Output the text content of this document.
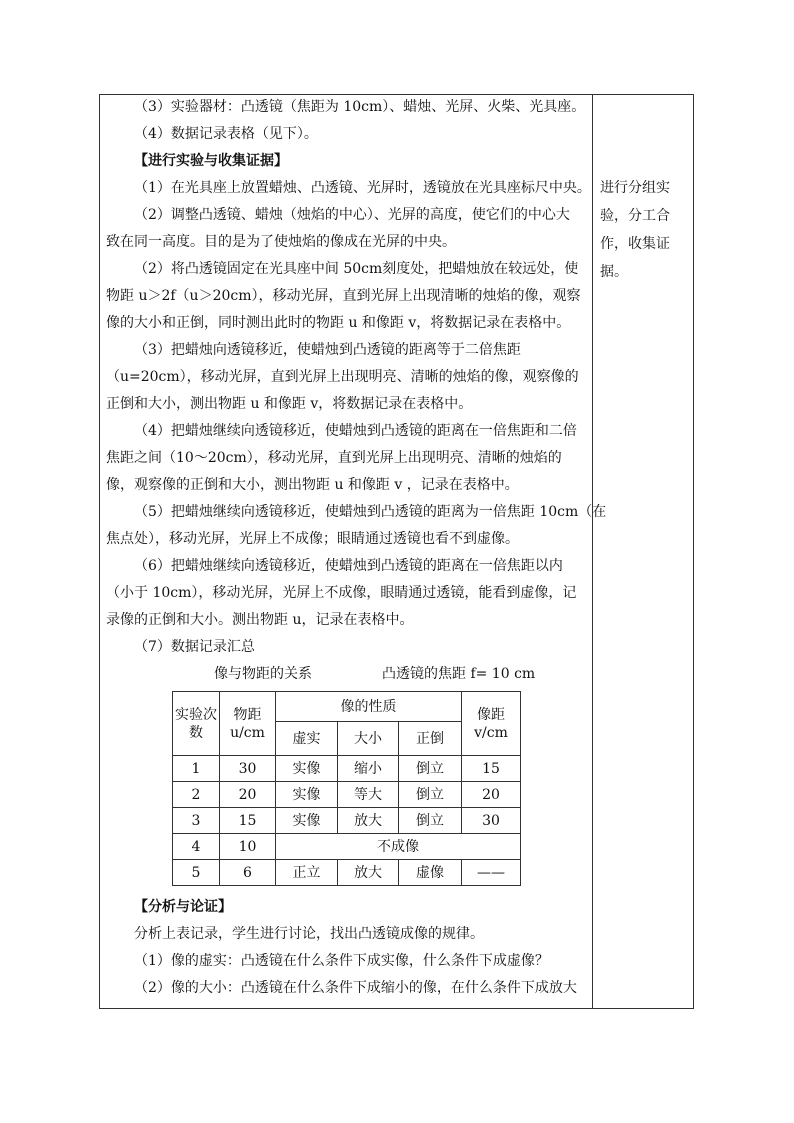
（3）实验器材：凸透镜（焦距为 10cm）、蜡烛、光屏、火柴、光具座。
（4）数据记录表格（见下）。
【进行实验与收集证据】
（1）在光具座上放置蜡烛、凸透镜、光屏时，透镜放在光具座标尺中央。
（2）调整凸透镜、蜡烛（烛焰的中心）、光屏的高度，使它们的中心大
致在同一高度。目的是为了使烛焰的像成在光屏的中央。
（2）将凸透镜固定在光具座中间 50cm刻度处，把蜡烛放在较远处，使
物距 u＞2f（u＞20cm），移动光屏，直到光屏上出现清晰的烛焰的像，观察
像的大小和正倒，同时测出此时的物距 u 和像距 v，将数据记录在表格中。
（3）把蜡烛向透镜移近，使蜡烛到凸透镜的距离等于二倍焦距
（u=20cm），移动光屏，直到光屏上出现明亮、清晰的烛焰的像，观察像的
正倒和大小，测出物距 u 和像距 v，将数据记录在表格中。
（4）把蜡烛继续向透镜移近，使蜡烛到凸透镜的距离在一倍焦距和二倍
焦距之间（10～20cm），移动光屏，直到光屏上出现明亮、清晰的烛焰的
像，观察像的正倒和大小，测出物距 u 和像距 v ，记录在表格中。
（5）把蜡烛继续向透镜移近，使蜡烛到凸透镜的距离为一倍焦距 10cm（在
焦点处），移动光屏，光屏上不成像；眼睛通过透镜也看不到虚像。
（6）把蜡烛继续向透镜移近，使蜡烛到凸透镜的距离在一倍焦距以内
（小于 10cm），移动光屏，光屏上不成像，眼睛通过透镜，能看到虚像，记
录像的正倒和大小。测出物距 u，记录在表格中。
（7）数据记录汇总
像与物距的关系	凸透镜的焦距 f= 10 cm
进行分组实
验，分工合
作，收集证
据。
实验次数	物距u/cm	像的性质			像距v/cm
		虚实	大小	正倒	
1	30	实像	缩小	倒立	15
2	20	实像	等大	倒立	20
3	15	实像	放大	倒立	30
4	10	不成像			
5	6	正立	放大	虚像	——
【分析与论证】
分析上表记录，学生进行讨论，找出凸透镜成像的规律。
（1）像的虚实：凸透镜在什么条件下成实像，什么条件下成虚像？
（2）像的大小：凸透镜在什么条件下成缩小的像，在什么条件下成放大
